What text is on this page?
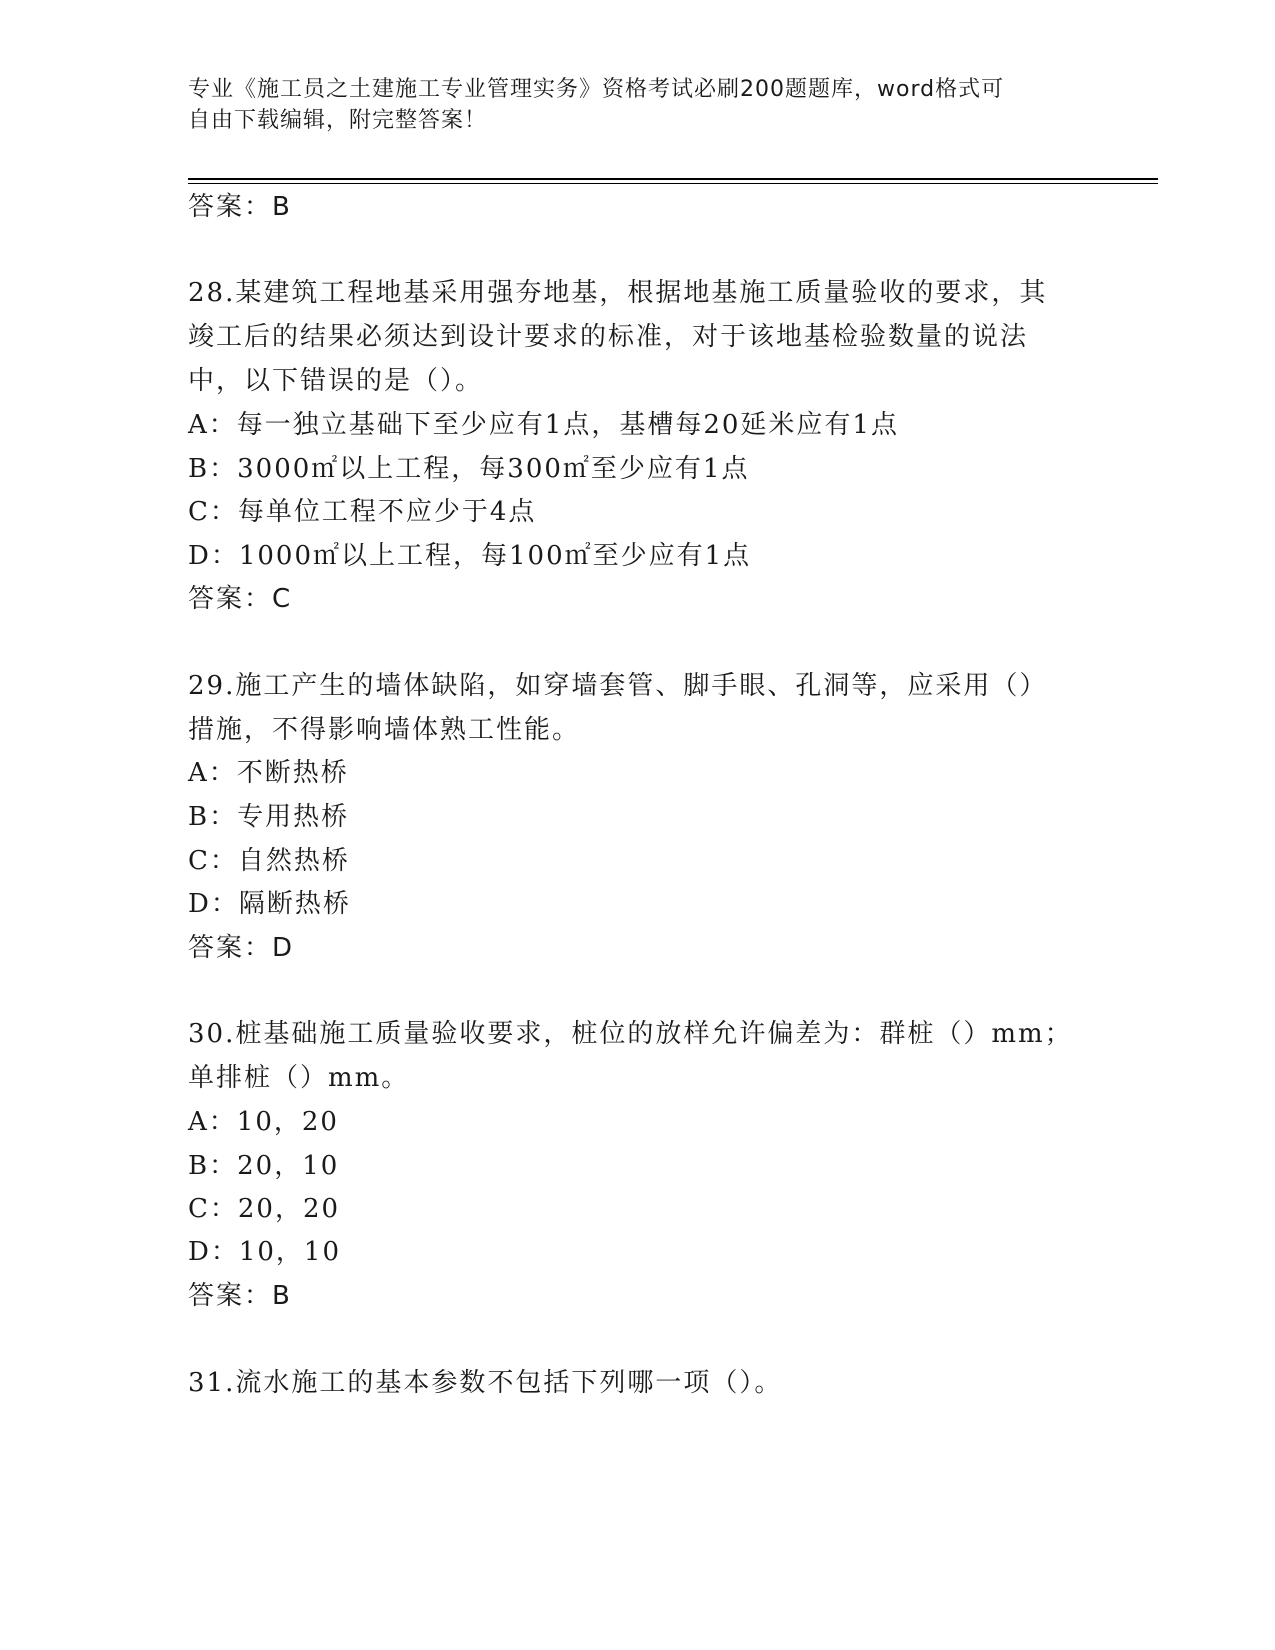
专业《施工员之土建施工专业管理实务》资格考试必刷200题题库，word格式可
自由下载编辑，附完整答案！
答案：B
28.某建筑工程地基采用强夯地基，根据地基施工质量验收的要求，其
竣工后的结果必须达到设计要求的标准，对于该地基检验数量的说法
中，以下错误的是（）。
A：每一独立基础下至少应有1点，基槽每20延米应有1点
B：3000㎡以上工程，每300㎡至少应有1点
C：每单位工程不应少于4点
D：1000㎡以上工程，每100㎡至少应有1点
答案：C
29.施工产生的墙体缺陷，如穿墙套管、脚手眼、孔洞等，应采用（）
措施，不得影响墙体熟工性能。
A：不断热桥
B：专用热桥
C：自然热桥
D：隔断热桥
答案：D
30.桩基础施工质量验收要求，桩位的放样允许偏差为：群桩（）mm；
单排桩（）mm。
A：10，20
B：20，10
C：20，20
D：10，10
答案：B
31.流水施工的基本参数不包括下列哪一项（）。
